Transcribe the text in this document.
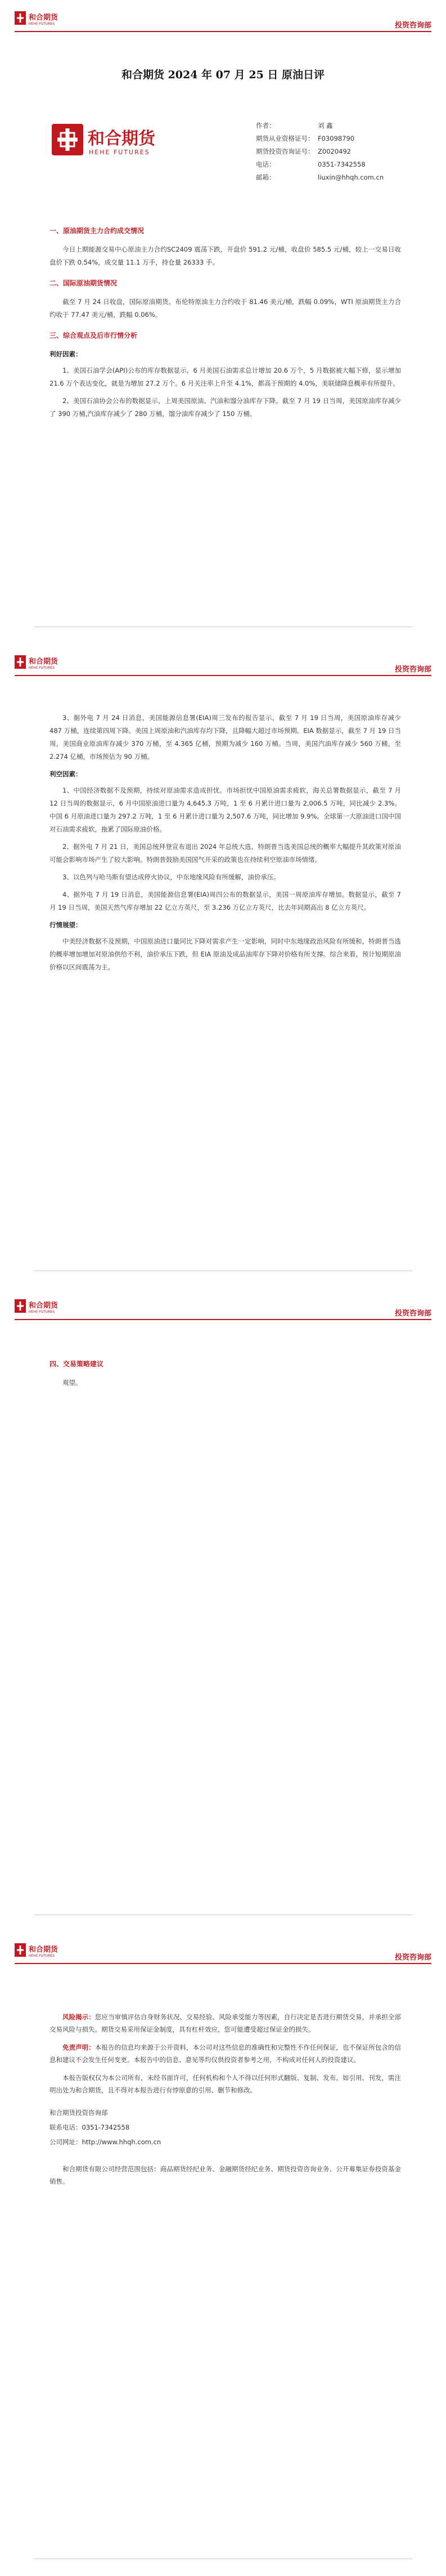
和合期货
HEHE FUTURES	投资咨询部
和合期货 2024 年 07 月 25 日 原油日评
和合期货
HEHE FUTURES
作者：	刘 鑫
期货从业资格证号： F03098790
期货投资咨询证号： Z0020492
电话：	0351-7342558
邮箱：	liuxin@hhqh.com.cn
一、原油期货主力合约成交情况
今日上期能源交易中心原油主力合约SC2409 震荡下跌，开盘价 591.2 元/桶，收盘价 585.5 元/桶，较上一交易日收盘价下跌 0.54%，成交量 11.1 万手，持仓量 26333 手。
二、国际原油期货情况
截至 7 月 24 日收盘，国际原油期货。布伦特原油主力合约收于 81.46 美元/桶，跌幅 0.09%，WTI 原油期货主力合约收于 77.47 美元/桶，跌幅 0.06%。
三、综合观点及后市行情分析
利好因素：
1、美国石油学会(API)公布的库存数据显示，6 月美国石油需求总计增加 20.6 万个，5 月数据被大幅下修，显示增加 21.6 万个表达变化，就是为增加 27.2 万个。6 月关注率上升至 4.1%，都高于预期的 4.0%，美联储降息概率有所提升。
2、美国石油协会公布的数据显示，上周美国原油、汽油和馏分油库存下降。截至 7 月 19 日当周，美国原油库存减少了 390 万桶,汽油库存减少了 280 万桶，馏分油库存减少了 150 万桶。
和合期货
HEHE FUTURES	投资咨询部
3、据外电 7 月 24 日消息，美国能源信息署(EIA)周三发布的报告显示，截至 7 月 19 日当周，美国原油库存减少 487 万桶，连续第四周下降。美国上周原油和汽油库存均下降，且降幅大超过市场预期。EIA 数据显示，截至 7 月 19 日当周，美国商业原油库存减少 370 万桶，至 4.365 亿桶，预期为减少 160 万桶。当周，美国汽油库存减少 560 万桶，至 2.274 亿桶，市场预估为 90 万桶。
利空因素：
1、中国经济数据不及预期，持续对原油需求造成担忧。市场担忧中国原油需求疲软，海关总署数据显示，截至 7 月 12 日当周的数据显示，6 月中国原油进口量为 4,645.3 万吨，1 至 6 月累计进口量为 2,006.5 万吨，同比减少 2.3%。中国 6 月原油进口量为 297.2 万吨，1 至 6 月累计进口量为 2,507.6 万吨，同比增加 9.9%。全球第一大原油进口国中国对石油需求疲软，拖累了国际原油价格。
2、据外电 7 月 21 日，美国总统拜登宣布退出 2024 年总统大选，特朗普当选美国总统的概率大幅提升其政策对原油可能会影响市场产生了较大影响。特朗普鼓励美国国气开采的政策也在持续利空原油市场情绪。
3、以色列与哈马斯有望达成停火协议，中东地缘风险有所缓解，油价承压。
4、据外电 7 月 19 日消息，美国能源信息署(EIA)周四公布的数据显示，美国一周原油库存增加。数据显示，截至 7 月 19 日当周，美国天然气库存增加 22 亿立方英尺，至 3.236 万亿立方英尺，比去年同期高出 8 亿立方英尺。
行情展望：
中美经济数据不及预期，中国原油进口量同比下降对需求产生一定影响，同时中东地缘政治风险有所缓和，特朗普当选的概率增加增加对原油供给不利，油价承压下跌，但 EIA 原油及成品油库存下降对价格有所支撑。综合来看，预计短期原油价格以区间震荡为主。
和合期货
HEHE FUTURES	投资咨询部
四、交易策略建议
观望。
和合期货
HEHE FUTURES	投资咨询部

风险揭示：您应当审慎评估自身财务状况、交易经验、风险承受能力等因素，自行决定是否进行期货交易，并承担全部交易风险与损失。期货交易采用保证金制度，具有杠杆效应，您可能遭受超过保证金的损失。

免责声明：本报告的信息均来源于公开资料，本公司对这些信息的准确性和完整性不作任何保证，也不保证所包含的信息和建议不会发生任何变更。本报告中的信息、意见等均仅供投资者参考之用，不构成对任何人的投资建议。

本报告版权仅为本公司所有，未经书面许可，任何机构和个人不得以任何形式翻版、复制、发布。如引用、刊发，需注明出处为和合期货，且不得对本报告进行有悖原意的引用、删节和修改。

和合期货投资咨询部
联系电话：0351-7342558
公司网址：http://www.hhqh.com.cn

和合期货有限公司经营范围包括：商品期货经纪业务、金融期货经纪业务、期货投资咨询业务、公开募集证券投资基金销售。
